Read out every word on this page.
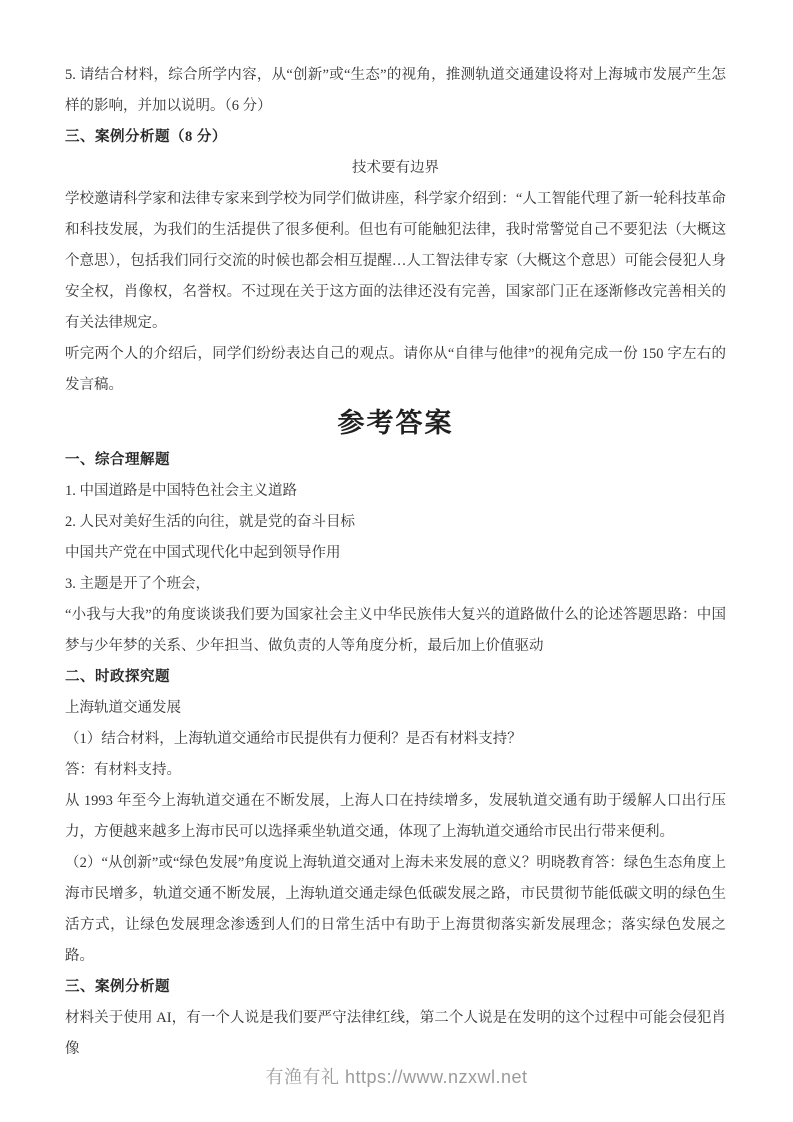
5. 请结合材料，综合所学内容，从“创新”或“生态”的视角，推测轨道交通建设将对上海城市发展产生怎样的影响，并加以说明。（6 分）

三、案例分析题（8 分）

技术要有边界

学校邀请科学家和法律专家来到学校为同学们做讲座，科学家介绍到：“人工智能代理了新一轮科技革命和科技发展，为我们的生活提供了很多便利。但也有可能触犯法律，我时常警觉自己不要犯法（大概这个意思），包括我们同行交流的时候也都会相互提醒…人工智法律专家（大概这个意思）可能会侵犯人身安全权，肖像权，名誉权。不过现在关于这方面的法律还没有完善，国家部门正在逐渐修改完善相关的有关法律规定。

听完两个人的介绍后，同学们纷纷表达自己的观点。请你从“自律与他律”的视角完成一份 150 字左右的发言稿。

参考答案

一、综合理解题

1. 中国道路是中国特色社会主义道路

2. 人民对美好生活的向往，就是党的奋斗目标

中国共产党在中国式现代化中起到领导作用

3. 主题是开了个班会，

“小我与大我”的角度谈谈我们要为国家社会主义中华民族伟大复兴的道路做什么的论述答题思路：中国梦与少年梦的关系、少年担当、做负责的人等角度分析，最后加上价值驱动

二、时政探究题

上海轨道交通发展

（1）结合材料，上海轨道交通给市民提供有力便利？是否有材料支持？

答：有材料支持。

从 1993 年至今上海轨道交通在不断发展，上海人口在持续增多，发展轨道交通有助于缓解人口出行压力，方便越来越多上海市民可以选择乘坐轨道交通，体现了上海轨道交通给市民出行带来便利。

（2）“从创新”或“绿色发展”角度说上海轨道交通对上海未来发展的意义？明晓教育答：绿色生态角度上海市民增多，轨道交通不断发展，上海轨道交通走绿色低碳发展之路，市民贯彻节能低碳文明的绿色生活方式，让绿色发展理念渗透到人们的日常生活中有助于上海贯彻落实新发展理念；落实绿色发展之路。

三、案例分析题

材料关于使用 AI，有一个人说是我们要严守法律红线，第二个人说是在发明的这个过程中可能会侵犯肖像

有渔有礼 https://www.nzxwl.net
